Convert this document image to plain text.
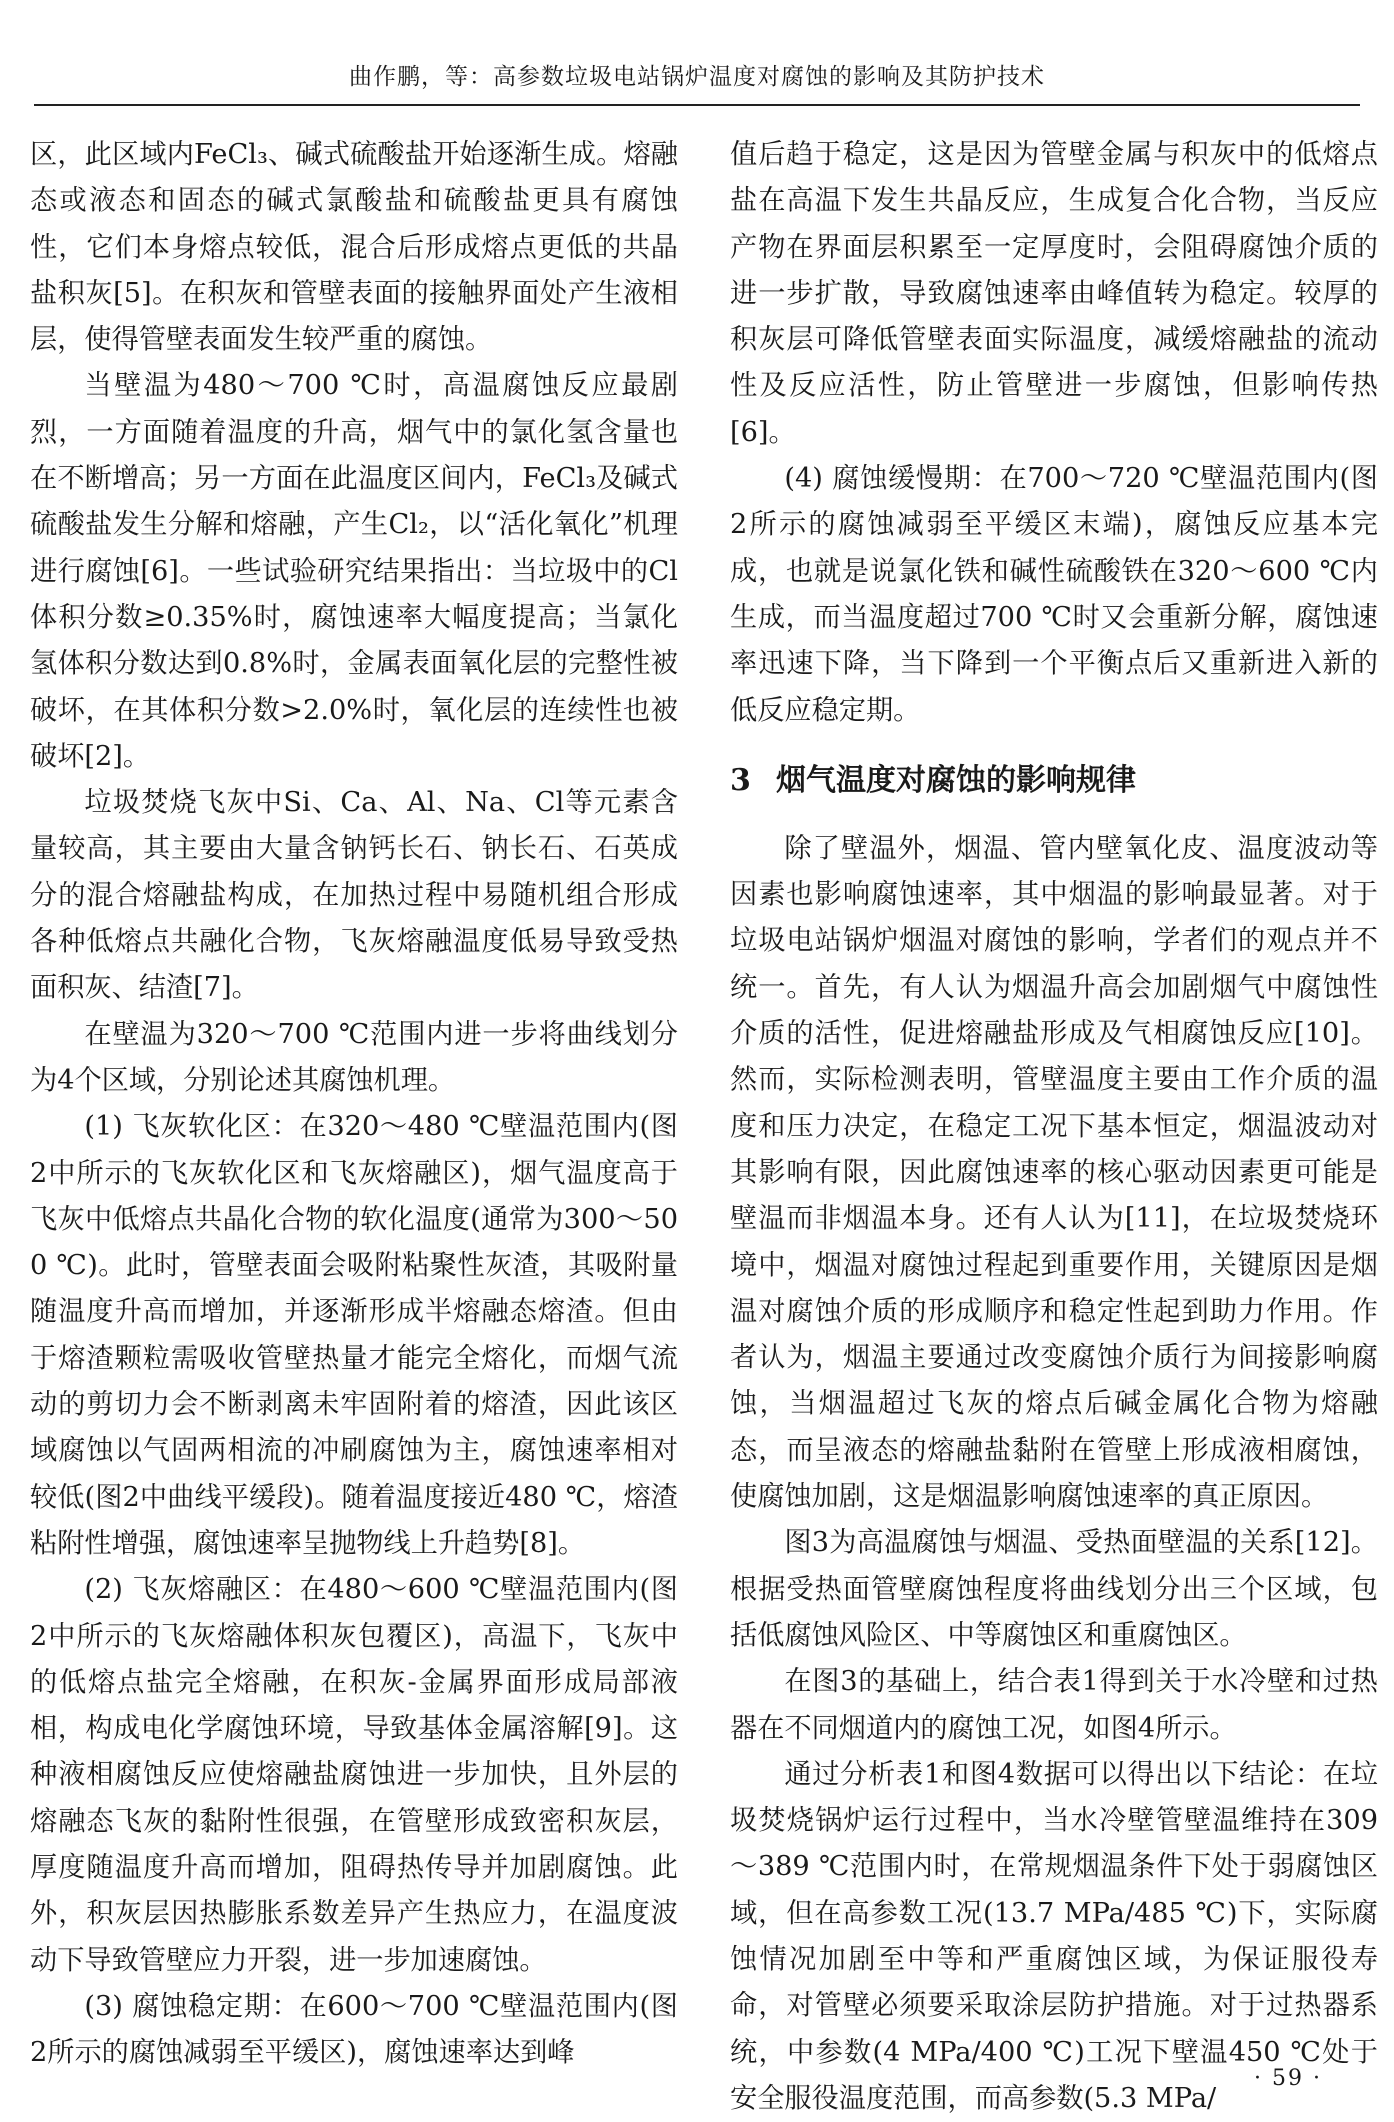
曲作鹏，等：高参数垃圾电站锅炉温度对腐蚀的影响及其防护技术

区，此区域内FeCl₃、碱式硫酸盐开始逐渐生成。熔融态或液态和固态的碱式氯酸盐和硫酸盐更具有腐蚀性，它们本身熔点较低，混合后形成熔点更低的共晶盐积灰[5]。在积灰和管壁表面的接触界面处产生液相层，使得管壁表面发生较严重的腐蚀。

当壁温为480～700 ℃时，高温腐蚀反应最剧烈，一方面随着温度的升高，烟气中的氯化氢含量也在不断增高；另一方面在此温度区间内，FeCl₃及碱式硫酸盐发生分解和熔融，产生Cl₂，以“活化氧化”机理进行腐蚀[6]。一些试验研究结果指出：当垃圾中的Cl体积分数≥0.35%时，腐蚀速率大幅度提高；当氯化氢体积分数达到0.8%时，金属表面氧化层的完整性被破坏，在其体积分数>2.0%时，氧化层的连续性也被破坏[2]。

垃圾焚烧飞灰中Si、Ca、Al、Na、Cl等元素含量较高，其主要由大量含钠钙长石、钠长石、石英成分的混合熔融盐构成，在加热过程中易随机组合形成各种低熔点共融化合物，飞灰熔融温度低易导致受热面积灰、结渣[7]。

在壁温为320～700 ℃范围内进一步将曲线划分为4个区域，分别论述其腐蚀机理。

(1) 飞灰软化区：在320～480 ℃壁温范围内(图2中所示的飞灰软化区和飞灰熔融区)，烟气温度高于飞灰中低熔点共晶化合物的软化温度(通常为300～500 ℃)。此时，管壁表面会吸附粘聚性灰渣，其吸附量随温度升高而增加，并逐渐形成半熔融态熔渣。但由于熔渣颗粒需吸收管壁热量才能完全熔化，而烟气流动的剪切力会不断剥离未牢固附着的熔渣，因此该区域腐蚀以气固两相流的冲刷腐蚀为主，腐蚀速率相对较低(图2中曲线平缓段)。随着温度接近480 ℃，熔渣粘附性增强，腐蚀速率呈抛物线上升趋势[8]。

(2) 飞灰熔融区：在480～600 ℃壁温范围内(图2中所示的飞灰熔融体积灰包覆区)，高温下，飞灰中的低熔点盐完全熔融，在积灰-金属界面形成局部液相，构成电化学腐蚀环境，导致基体金属溶解[9]。这种液相腐蚀反应使熔融盐腐蚀进一步加快，且外层的熔融态飞灰的黏附性很强，在管壁形成致密积灰层，厚度随温度升高而增加，阻碍热传导并加剧腐蚀。此外，积灰层因热膨胀系数差异产生热应力，在温度波动下导致管壁应力开裂，进一步加速腐蚀。

(3) 腐蚀稳定期：在600～700 ℃壁温范围内(图2所示的腐蚀减弱至平缓区)，腐蚀速率达到峰

值后趋于稳定，这是因为管壁金属与积灰中的低熔点盐在高温下发生共晶反应，生成复合化合物，当反应产物在界面层积累至一定厚度时，会阻碍腐蚀介质的进一步扩散，导致腐蚀速率由峰值转为稳定。较厚的积灰层可降低管壁表面实际温度，减缓熔融盐的流动性及反应活性，防止管壁进一步腐蚀，但影响传热[6]。

(4) 腐蚀缓慢期：在700～720 ℃壁温范围内(图2所示的腐蚀减弱至平缓区末端)，腐蚀反应基本完成，也就是说氯化铁和碱性硫酸铁在320～600 ℃内生成，而当温度超过700 ℃时又会重新分解，腐蚀速率迅速下降，当下降到一个平衡点后又重新进入新的低反应稳定期。

3 烟气温度对腐蚀的影响规律

除了壁温外，烟温、管内壁氧化皮、温度波动等因素也影响腐蚀速率，其中烟温的影响最显著。对于垃圾电站锅炉烟温对腐蚀的影响，学者们的观点并不统一。首先，有人认为烟温升高会加剧烟气中腐蚀性介质的活性，促进熔融盐形成及气相腐蚀反应[10]。然而，实际检测表明，管壁温度主要由工作介质的温度和压力决定，在稳定工况下基本恒定，烟温波动对其影响有限，因此腐蚀速率的核心驱动因素更可能是壁温而非烟温本身。还有人认为[11]，在垃圾焚烧环境中，烟温对腐蚀过程起到重要作用，关键原因是烟温对腐蚀介质的形成顺序和稳定性起到助力作用。作者认为，烟温主要通过改变腐蚀介质行为间接影响腐蚀，当烟温超过飞灰的熔点后碱金属化合物为熔融态，而呈液态的熔融盐黏附在管壁上形成液相腐蚀，使腐蚀加剧，这是烟温影响腐蚀速率的真正原因。

图3为高温腐蚀与烟温、受热面壁温的关系[12]。根据受热面管壁腐蚀程度将曲线划分出三个区域，包括低腐蚀风险区、中等腐蚀区和重腐蚀区。

在图3的基础上，结合表1得到关于水冷壁和过热器在不同烟道内的腐蚀工况，如图4所示。

通过分析表1和图4数据可以得出以下结论：在垃圾焚烧锅炉运行过程中，当水冷壁管壁温维持在309～389 ℃范围内时，在常规烟温条件下处于弱腐蚀区域，但在高参数工况(13.7 MPa/485 ℃)下，实际腐蚀情况加剧至中等和严重腐蚀区域，为保证服役寿命，对管壁必须要采取涂层防护措施。对于过热器系统，中参数(4 MPa/400 ℃)工况下壁温450 ℃处于安全服役温度范围，而高参数(5.3 MPa/

· 59 ·
